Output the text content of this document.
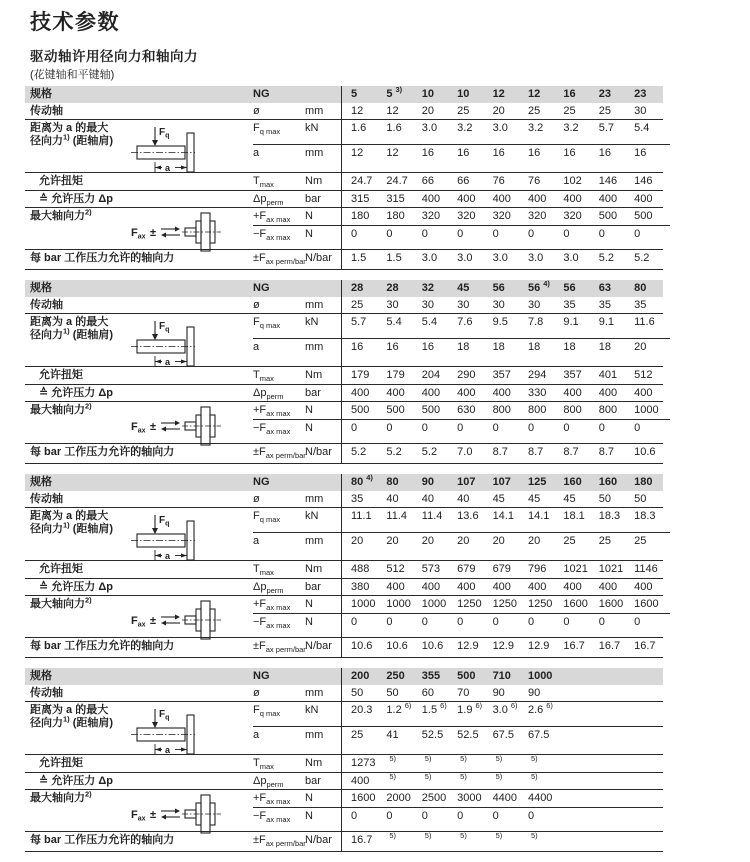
技术参数
驱动轴许用径向力和轴向力
(花键轴和平键轴)
规格	NG	5	5 $^{3)}$	10	10	12	12	16	23	23
传动轴	ø	mm	12	12	20	25	20	25	25	25	30
距离为 a 的最大
径向力$^{1)}$ (距轴肩)
$F_q$
a
$F_{q max}$	kN	1.6	1.6	3.0	3.2	3.0	3.2	3.2	5.7	5.4
a	mm	12	12	16	16	16	16	16	16	16
允许扭矩	$T_{max}$	Nm	24.7	24.7	66	66	76	76	102	146	146
≙ 允许压力 Δp	$\Delta p_{perm}$	bar	315	315	400	400	400	400	400	400	400
最大轴向力$^{2)}$
$F_{ax}$ ±
$+F_{ax max}$	N	180	180	320	320	320	320	320	500	500
$-F_{ax max}$	N	0	0	0	0	0	0	0	0	0
每 bar 工作压力允许的轴向力	$\pm F_{ax perm/bar}$ N/bar	1.5	1.5	3.0	3.0	3.0	3.0	3.0	5.2	5.2
规格	NG	28	28	32	45	56	56 $^{4)}$	56	63	80
传动轴	ø	mm	25	30	30	30	30	30	35	35	35
距离为 a 的最大
径向力$^{1)}$ (距轴肩)
$F_q$
a
$F_{q max}$	kN	5.7	5.4	5.4	7.6	9.5	7.8	9.1	9.1	11.6
a	mm	16	16	16	18	18	18	18	18	20
允许扭矩	$T_{max}$	Nm	179	179	204	290	357	294	357	401	512
≙ 允许压力 Δp	$\Delta p_{perm}$	bar	400	400	400	400	400	330	400	400	400
最大轴向力$^{2)}$
$F_{ax}$ ±
$+F_{ax max}$	N	500	500	500	630	800	800	800	800	1000
$-F_{ax max}$	N	0	0	0	0	0	0	0	0	0
每 bar 工作压力允许的轴向力	$\pm F_{ax perm/bar}$ N/bar	5.2	5.2	5.2	7.0	8.7	8.7	8.7	8.7	10.6
规格	NG	80 $^{4)}$	80	90	107	107	125	160	160	180
传动轴	ø	mm	35	40	40	40	45	45	45	50	50
距离为 a 的最大
径向力$^{1)}$ (距轴肩)
$F_q$
a
$F_{q max}$	kN	11.1	11.4	11.4	13.6	14.1	14.1	18.1	18.3	18.3
a	mm	20	20	20	20	20	20	25	25	25
允许扭矩	$T_{max}$	Nm	488	512	573	679	679	796	1021 1021 1146
≙ 允许压力 Δp	$\Delta p_{perm}$	bar	380	400	400	400	400	400	400	400	400
最大轴向力$^{2)}$
$F_{ax}$ ±
$+F_{ax max}$	N	1000 1000 1000 1250 1250 1250 1600 1600 1600
$-F_{ax max}$	N	0	0	0	0	0	0	0	0	0
每 bar 工作压力允许的轴向力	$\pm F_{ax perm/bar}$ N/bar	10.6	10.6	10.6	12.9	12.9	12.9	16.7	16.7	16.7
规格	NG	200	250	355	500	710	1000
传动轴	ø	mm	50	50	60	70	90	90
距离为 a 的最大
径向力$^{1)}$ (距轴肩)
$F_q$
a
$F_{q max}$	kN	20.3	1.2 $^{6)}$ 1.5 $^{6)}$ 1.9 $^{6)}$ 3.0 $^{6)}$ 2.6 $^{6)}$
a	mm	25	41	52.5	52.5	67.5	67.5
允许扭矩	$T_{max}$	Nm	1273	$^{5)}$	$^{5)}$	$^{5)}$	$^{5)}$	$^{5)}$
≙ 允许压力 Δp	$\Delta p_{perm}$	bar	400	$^{5)}$	$^{5)}$	$^{5)}$	$^{5)}$	$^{5)}$
最大轴向力$^{2)}$
$F_{ax}$ ±
$+F_{ax max}$	N	1600 2000 2500 3000 4400 4400
$-F_{ax max}$	N	0	0	0	0	0	0
每 bar 工作压力允许的轴向力	$\pm F_{ax perm/bar}$ N/bar	16.7	$^{5)}$	$^{5)}$	$^{5)}$	$^{5)}$	$^{5)}$
